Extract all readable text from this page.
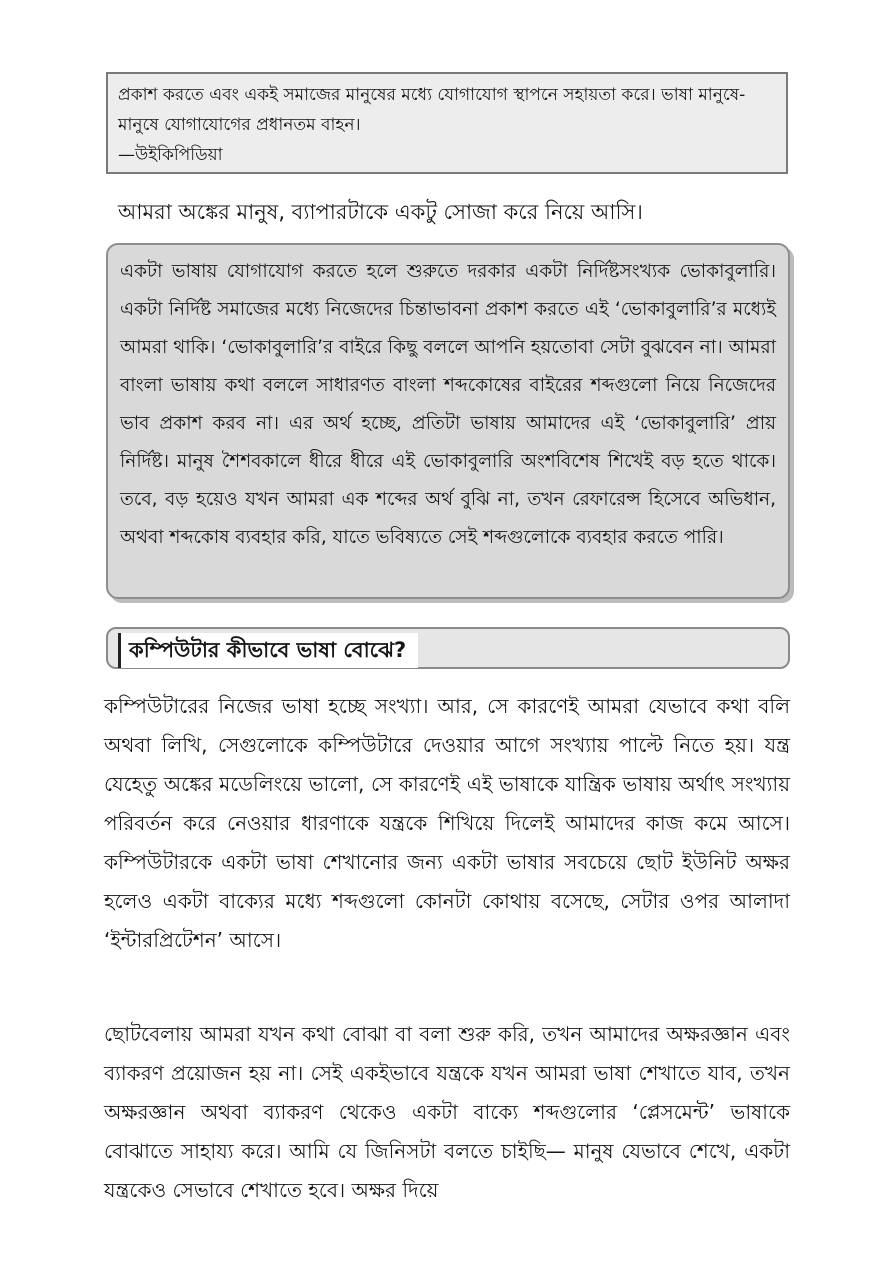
প্রকাশ করতে এবং একই সমাজের মানুষের মধ্যে যোগাযোগ স্থাপনে সহায়তা করে। ভাষা মানুষে-মানুষে যোগাযোগের প্রধানতম বাহন।

—উইকিপিডিয়া

আমরা অঙ্কের মানুষ, ব্যাপারটাকে একটু সোজা করে নিয়ে আসি।

একটা ভাষায় যোগাযোগ করতে হলে শুরুতে দরকার একটা নির্দিষ্টসংখ্যক ভোকাবুলারি। একটা নির্দিষ্ট সমাজের মধ্যে নিজেদের চিন্তাভাবনা প্রকাশ করতে এই ‘ভোকাবুলারি’র মধ্যেই আমরা থাকি। ‘ভোকাবুলারি’র বাইরে কিছু বললে আপনি হয়তোবা সেটা বুঝবেন না। আমরা বাংলা ভাষায় কথা বললে সাধারণত বাংলা শব্দকোষের বাইরের শব্দগুলো নিয়ে নিজেদের ভাব প্রকাশ করব না। এর অর্থ হচ্ছে, প্রতিটা ভাষায় আমাদের এই ‘ভোকাবুলারি’ প্রায় নির্দিষ্ট। মানুষ শৈশবকালে ধীরে ধীরে এই ভোকাবুলারি অংশবিশেষ শিখেই বড় হতে থাকে। তবে, বড় হয়েও যখন আমরা এক শব্দের অর্থ বুঝি না, তখন রেফারেন্স হিসেবে অভিধান, অথবা শব্দকোষ ব্যবহার করি, যাতে ভবিষ্যতে সেই শব্দগুলোকে ব্যবহার করতে পারি।

কম্পিউটার কীভাবে ভাষা বোঝে?

কম্পিউটারের নিজের ভাষা হচ্ছে সংখ্যা। আর, সে কারণেই আমরা যেভাবে কথা বলি অথবা লিখি, সেগুলোকে কম্পিউটারে দেওয়ার আগে সংখ্যায় পাল্টে নিতে হয়। যন্ত্র যেহেতু অঙ্কের মডেলিংয়ে ভালো, সে কারণেই এই ভাষাকে যান্ত্রিক ভাষায় অর্থাৎ সংখ্যায় পরিবর্তন করে নেওয়ার ধারণাকে যন্ত্রকে শিখিয়ে দিলেই আমাদের কাজ কমে আসে। কম্পিউটারকে একটা ভাষা শেখানোর জন্য একটা ভাষার সবচেয়ে ছোট ইউনিট অক্ষর হলেও একটা বাক্যের মধ্যে শব্দগুলো কোনটা কোথায় বসেছে, সেটার ওপর আলাদা ‘ইন্টারপ্রিটেশন’ আসে।

ছোটবেলায় আমরা যখন কথা বোঝা বা বলা শুরু করি, তখন আমাদের অক্ষরজ্ঞান এবং ব্যাকরণ প্রয়োজন হয় না। সেই একইভাবে যন্ত্রকে যখন আমরা ভাষা শেখাতে যাব, তখন অক্ষরজ্ঞান অথবা ব্যাকরণ থেকেও একটা বাক্যে শব্দগুলোর ‘প্লেসমেন্ট’ ভাষাকে বোঝাতে সাহায্য করে। আমি যে জিনিসটা বলতে চাইছি— মানুষ যেভাবে শেখে, একটা যন্ত্রকেও সেভাবে শেখাতে হবে। অক্ষর দিয়ে
